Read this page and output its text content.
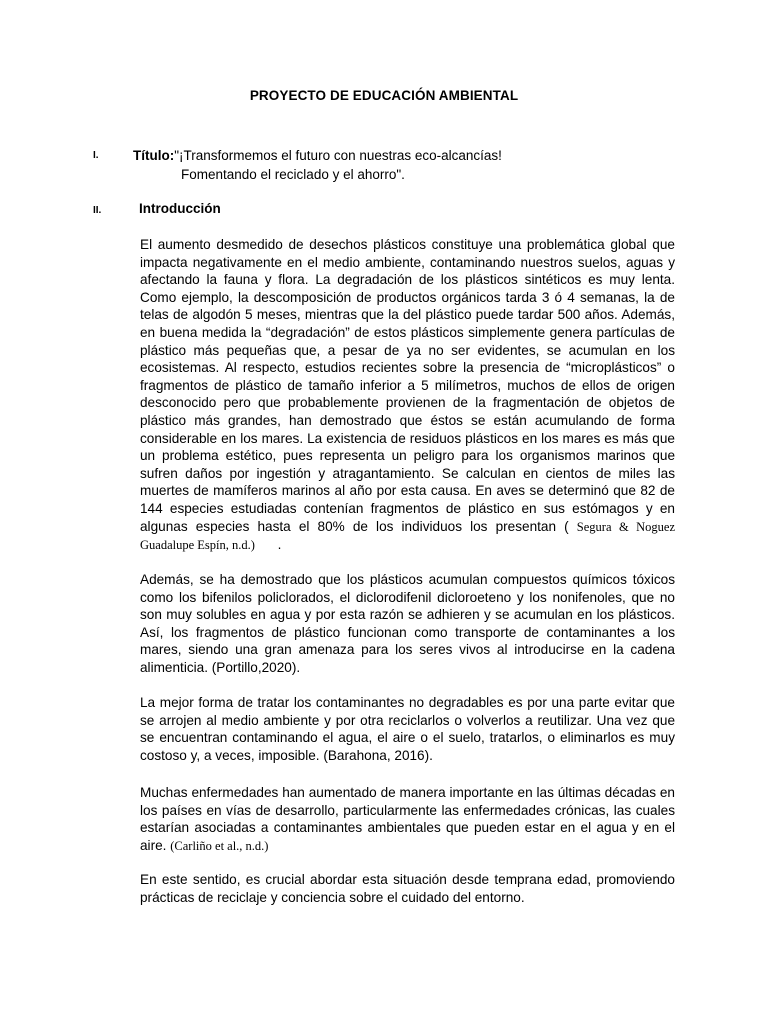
PROYECTO DE EDUCACIÓN AMBIENTAL
I.	Título:"¡Transformemos el futuro con nuestras eco-alcancías!
Fomentando el reciclado y el ahorro".
II.	Introducción

El aumento desmedido de desechos plásticos constituye una problemática global que impacta negativamente en el medio ambiente, contaminando nuestros suelos, aguas y afectando la fauna y flora. La degradación de los plásticos sintéticos es muy lenta. Como ejemplo, la descomposición de productos orgánicos tarda 3 ó 4 semanas, la de telas de algodón 5 meses, mientras que la del plástico puede tardar 500 años. Además, en buena medida la “degradación” de estos plásticos simplemente genera partículas de plástico más pequeñas que, a pesar de ya no ser evidentes, se acumulan en los ecosistemas. Al respecto, estudios recientes sobre la presencia de “microplásticos” o fragmentos de plástico de tamaño inferior a 5 milímetros, muchos de ellos de origen desconocido pero que probablemente provienen de la fragmentación de objetos de plástico más grandes, han demostrado que éstos se están acumulando de forma considerable en los mares. La existencia de residuos plásticos en los mares es más que un problema estético, pues representa un peligro para los organismos marinos que sufren daños por ingestión y atragantamiento. Se calculan en cientos de miles las muertes de mamíferos marinos al año por esta causa. En aves se determinó que 82 de 144 especies estudiadas contenían fragmentos de plástico en sus estómagos y en algunas especies hasta el 80% de los individuos los presentan ( Segura & Noguez Guadalupe Espín, n.d.)      .

Además, se ha demostrado que los plásticos acumulan compuestos químicos tóxicos como los bifenilos policlorados, el diclorodifenil dicloroeteno y los nonifenoles, que no son muy solubles en agua y por esta razón se adhieren y se acumulan en los plásticos. Así, los fragmentos de plástico funcionan como transporte de contaminantes a los mares, siendo una gran amenaza para los seres vivos al introducirse en la cadena alimenticia. (Portillo,2020).

La mejor forma de tratar los contaminantes no degradables es por una parte evitar que se arrojen al medio ambiente y por otra reciclarlos o volverlos a reutilizar. Una vez que se encuentran contaminando el agua, el aire o el suelo, tratarlos, o eliminarlos es muy costoso y, a veces, imposible. (Barahona, 2016).

Muchas enfermedades han aumentado de manera importante en las últimas décadas en los países en vías de desarrollo, particularmente las enfermedades crónicas, las cuales estarían asociadas a contaminantes ambientales que pueden estar en el agua y en el aire. (Carliño et al., n.d.)

En este sentido, es crucial abordar esta situación desde temprana edad, promoviendo prácticas de reciclaje y conciencia sobre el cuidado del entorno.
